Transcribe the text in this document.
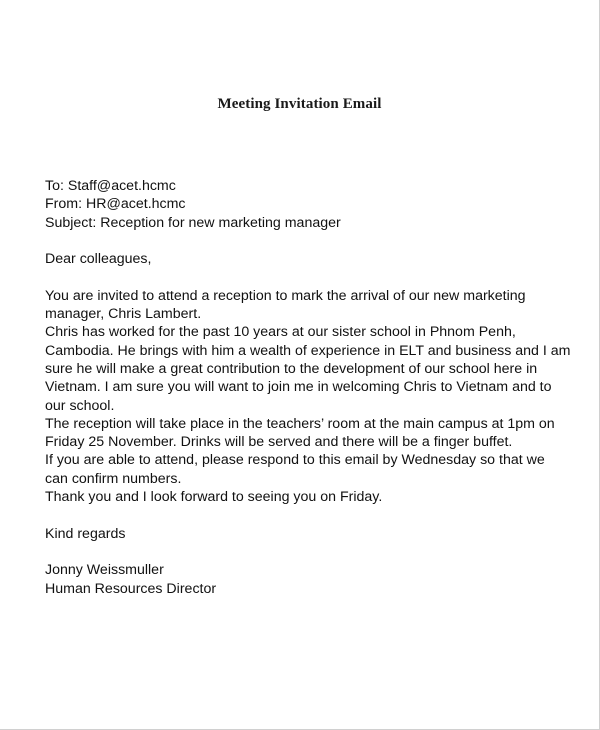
Meeting Invitation Email
To: Staff@acet.hcmc
From: HR@acet.hcmc
Subject: Reception for new marketing manager
Dear colleagues,
You are invited to attend a reception to mark the arrival of our new marketing
manager, Chris Lambert.
Chris has worked for the past 10 years at our sister school in Phnom Penh,
Cambodia. He brings with him a wealth of experience in ELT and business and I am
sure he will make a great contribution to the development of our school here in
Vietnam. I am sure you will want to join me in welcoming Chris to Vietnam and to
our school.
The reception will take place in the teachers’ room at the main campus at 1pm on
Friday 25 November. Drinks will be served and there will be a finger buffet.
If you are able to attend, please respond to this email by Wednesday so that we
can confirm numbers.
Thank you and I look forward to seeing you on Friday.
Kind regards
Jonny Weissmuller
Human Resources Director
